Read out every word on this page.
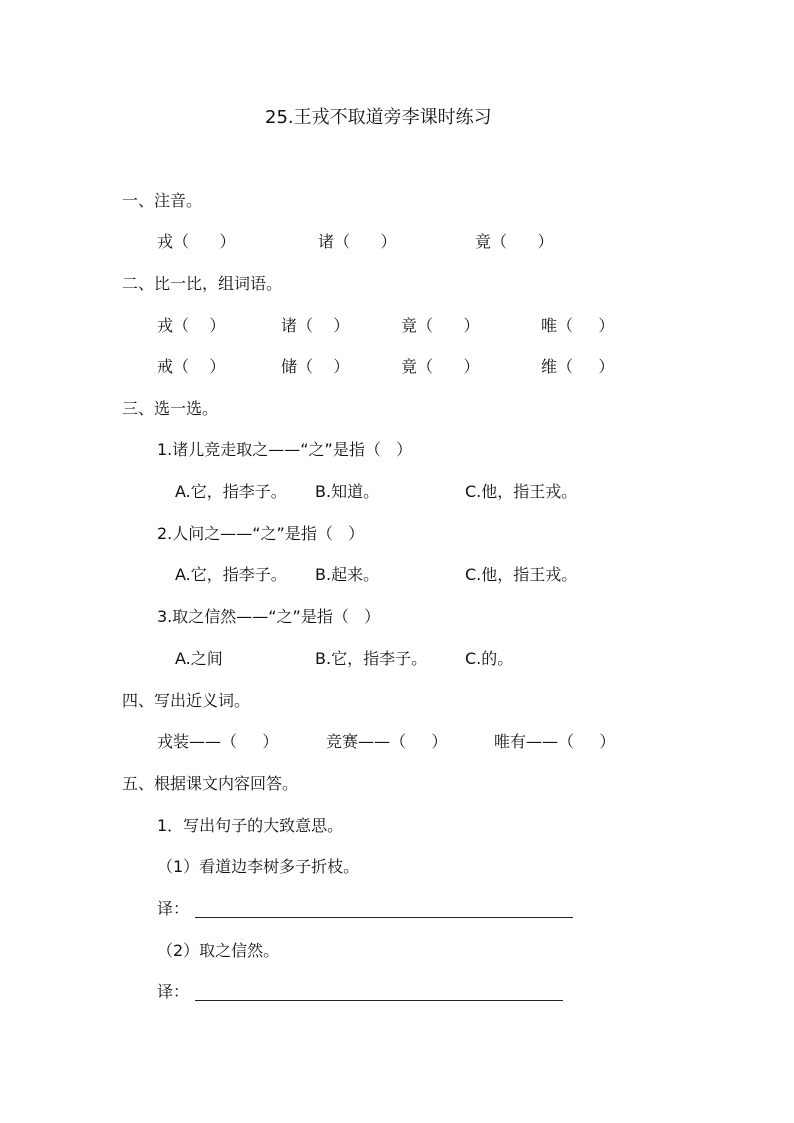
25.王戎不取道旁李课时练习
一、注音。
戎（      ）	诸（      ）	竟（      ）
二、比一比，组词语。
戎（    ）	诸（    ）	竟（      ）	唯（     ）
戒（    ）	储（    ）	竟（      ）	维（     ）
三、选一选。
1.诸儿竞走取之——“之”是指（   ）
A.它，指李子。 B.知道。	C.他，指王戎。
2.人问之——“之”是指（   ）
A.它，指李子。 B.起来。	C.他，指王戎。
3.取之信然——“之”是指（   ）
A.之间	B.它，指李子。 C.的。
四、写出近义词。
戎装——（     ）	竞赛——（     ）	唯有——（     ）
五、根据课文内容回答。
1．写出句子的大致意思。
（1）看道边李树多子折枝。
译：
（2）取之信然。
译：
